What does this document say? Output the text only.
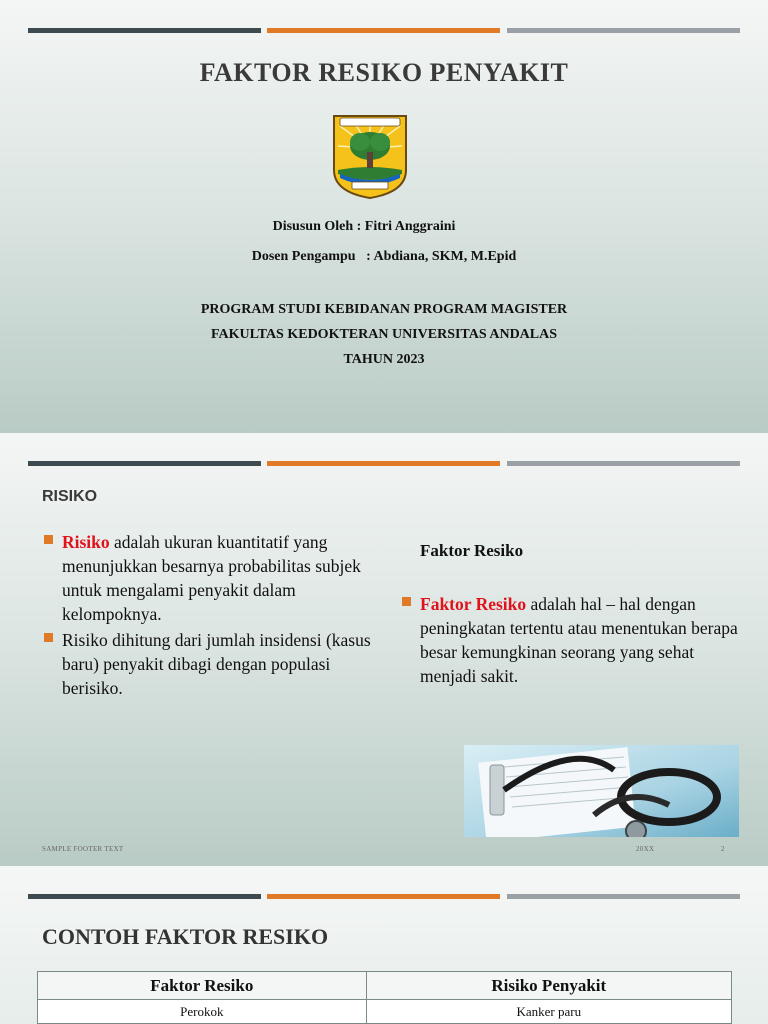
FAKTOR RESIKO PENYAKIT
Disusun Oleh : Fitri Anggraini
Dosen Pengampu   : Abdiana, SKM, M.Epid
PROGRAM STUDI KEBIDANAN PROGRAM MAGISTER
FAKULTAS KEDOKTERAN UNIVERSITAS ANDALAS
TAHUN 2023
RISIKO
Risiko adalah ukuran kuantitatif yang menunjukkan besarnya probabilitas subjek untuk mengalami penyakit dalam kelompoknya.
Risiko dihitung dari jumlah insidensi (kasus baru) penyakit dibagi dengan populasi berisiko.
Faktor Resiko
Faktor Resiko adalah hal – hal dengan peningkatan tertentu atau menentukan berapa besar kemungkinan seorang yang sehat menjadi sakit.
SAMPLE FOOTER TEXT	20XX	2
CONTOH FAKTOR RESIKO
Faktor Resiko	Risiko Penyakit
Perokok	Kanker paru
